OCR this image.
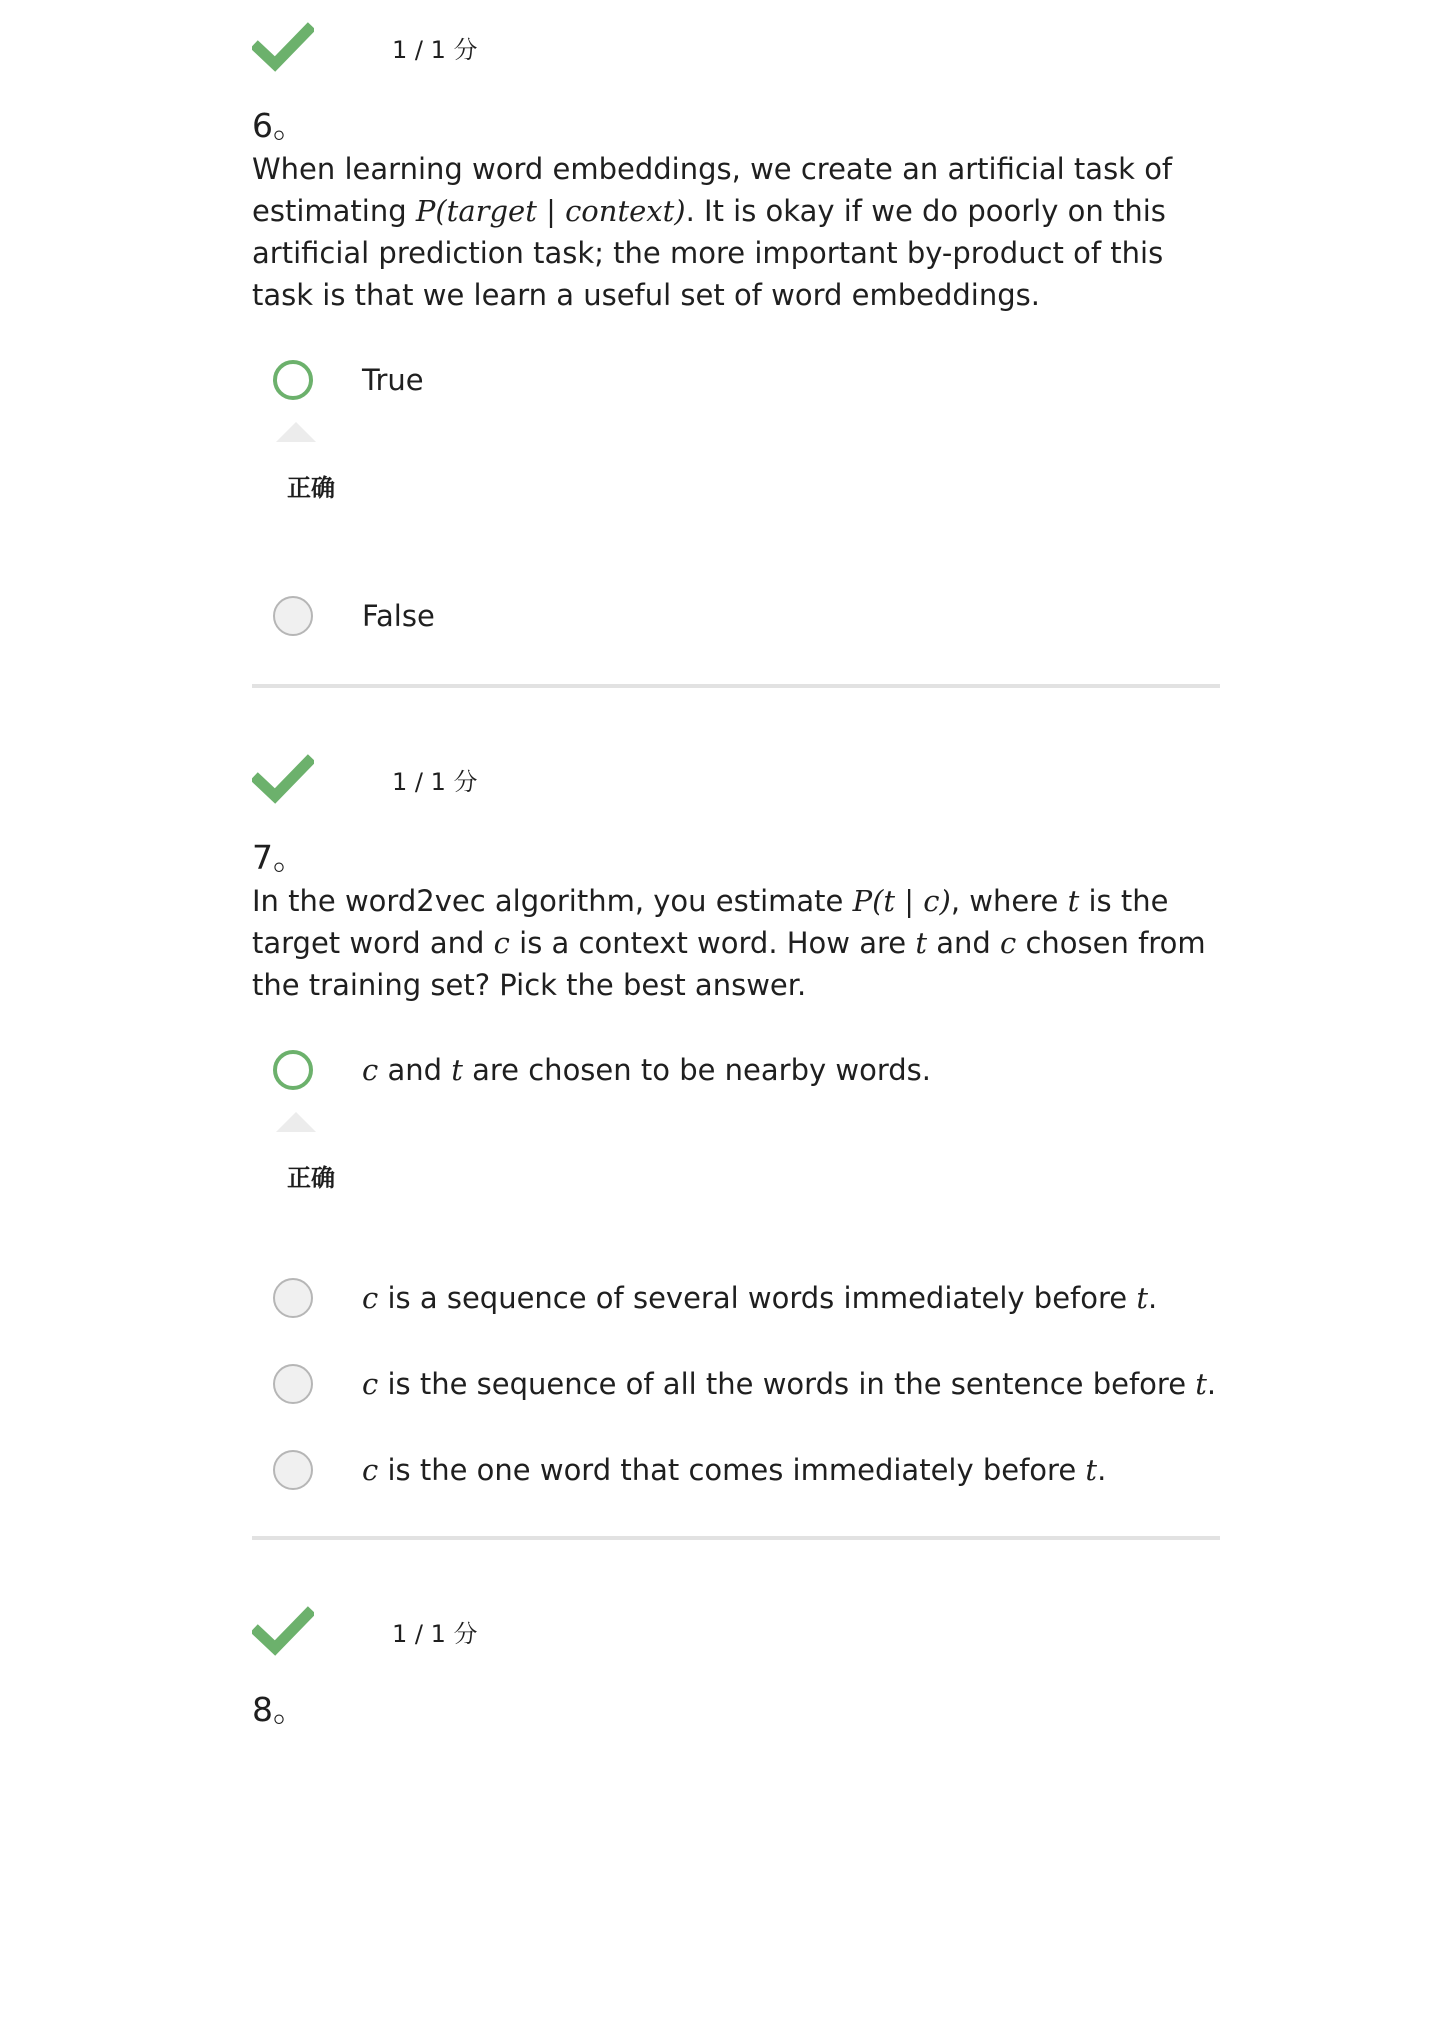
1 / 1 分
6。
When learning word embeddings, we create an artificial task of estimating P(target | context). It is okay if we do poorly on this artificial prediction task; the more important by-product of this task is that we learn a useful set of word embeddings.
True
正确
False
1 / 1 分
7。
In the word2vec algorithm, you estimate P(t | c), where t is the target word and c is a context word. How are t and c chosen from the training set? Pick the best answer.
c and t are chosen to be nearby words.
正确
c is a sequence of several words immediately before t.
c is the sequence of all the words in the sentence before t.
c is the one word that comes immediately before t.
1 / 1 分
8。
